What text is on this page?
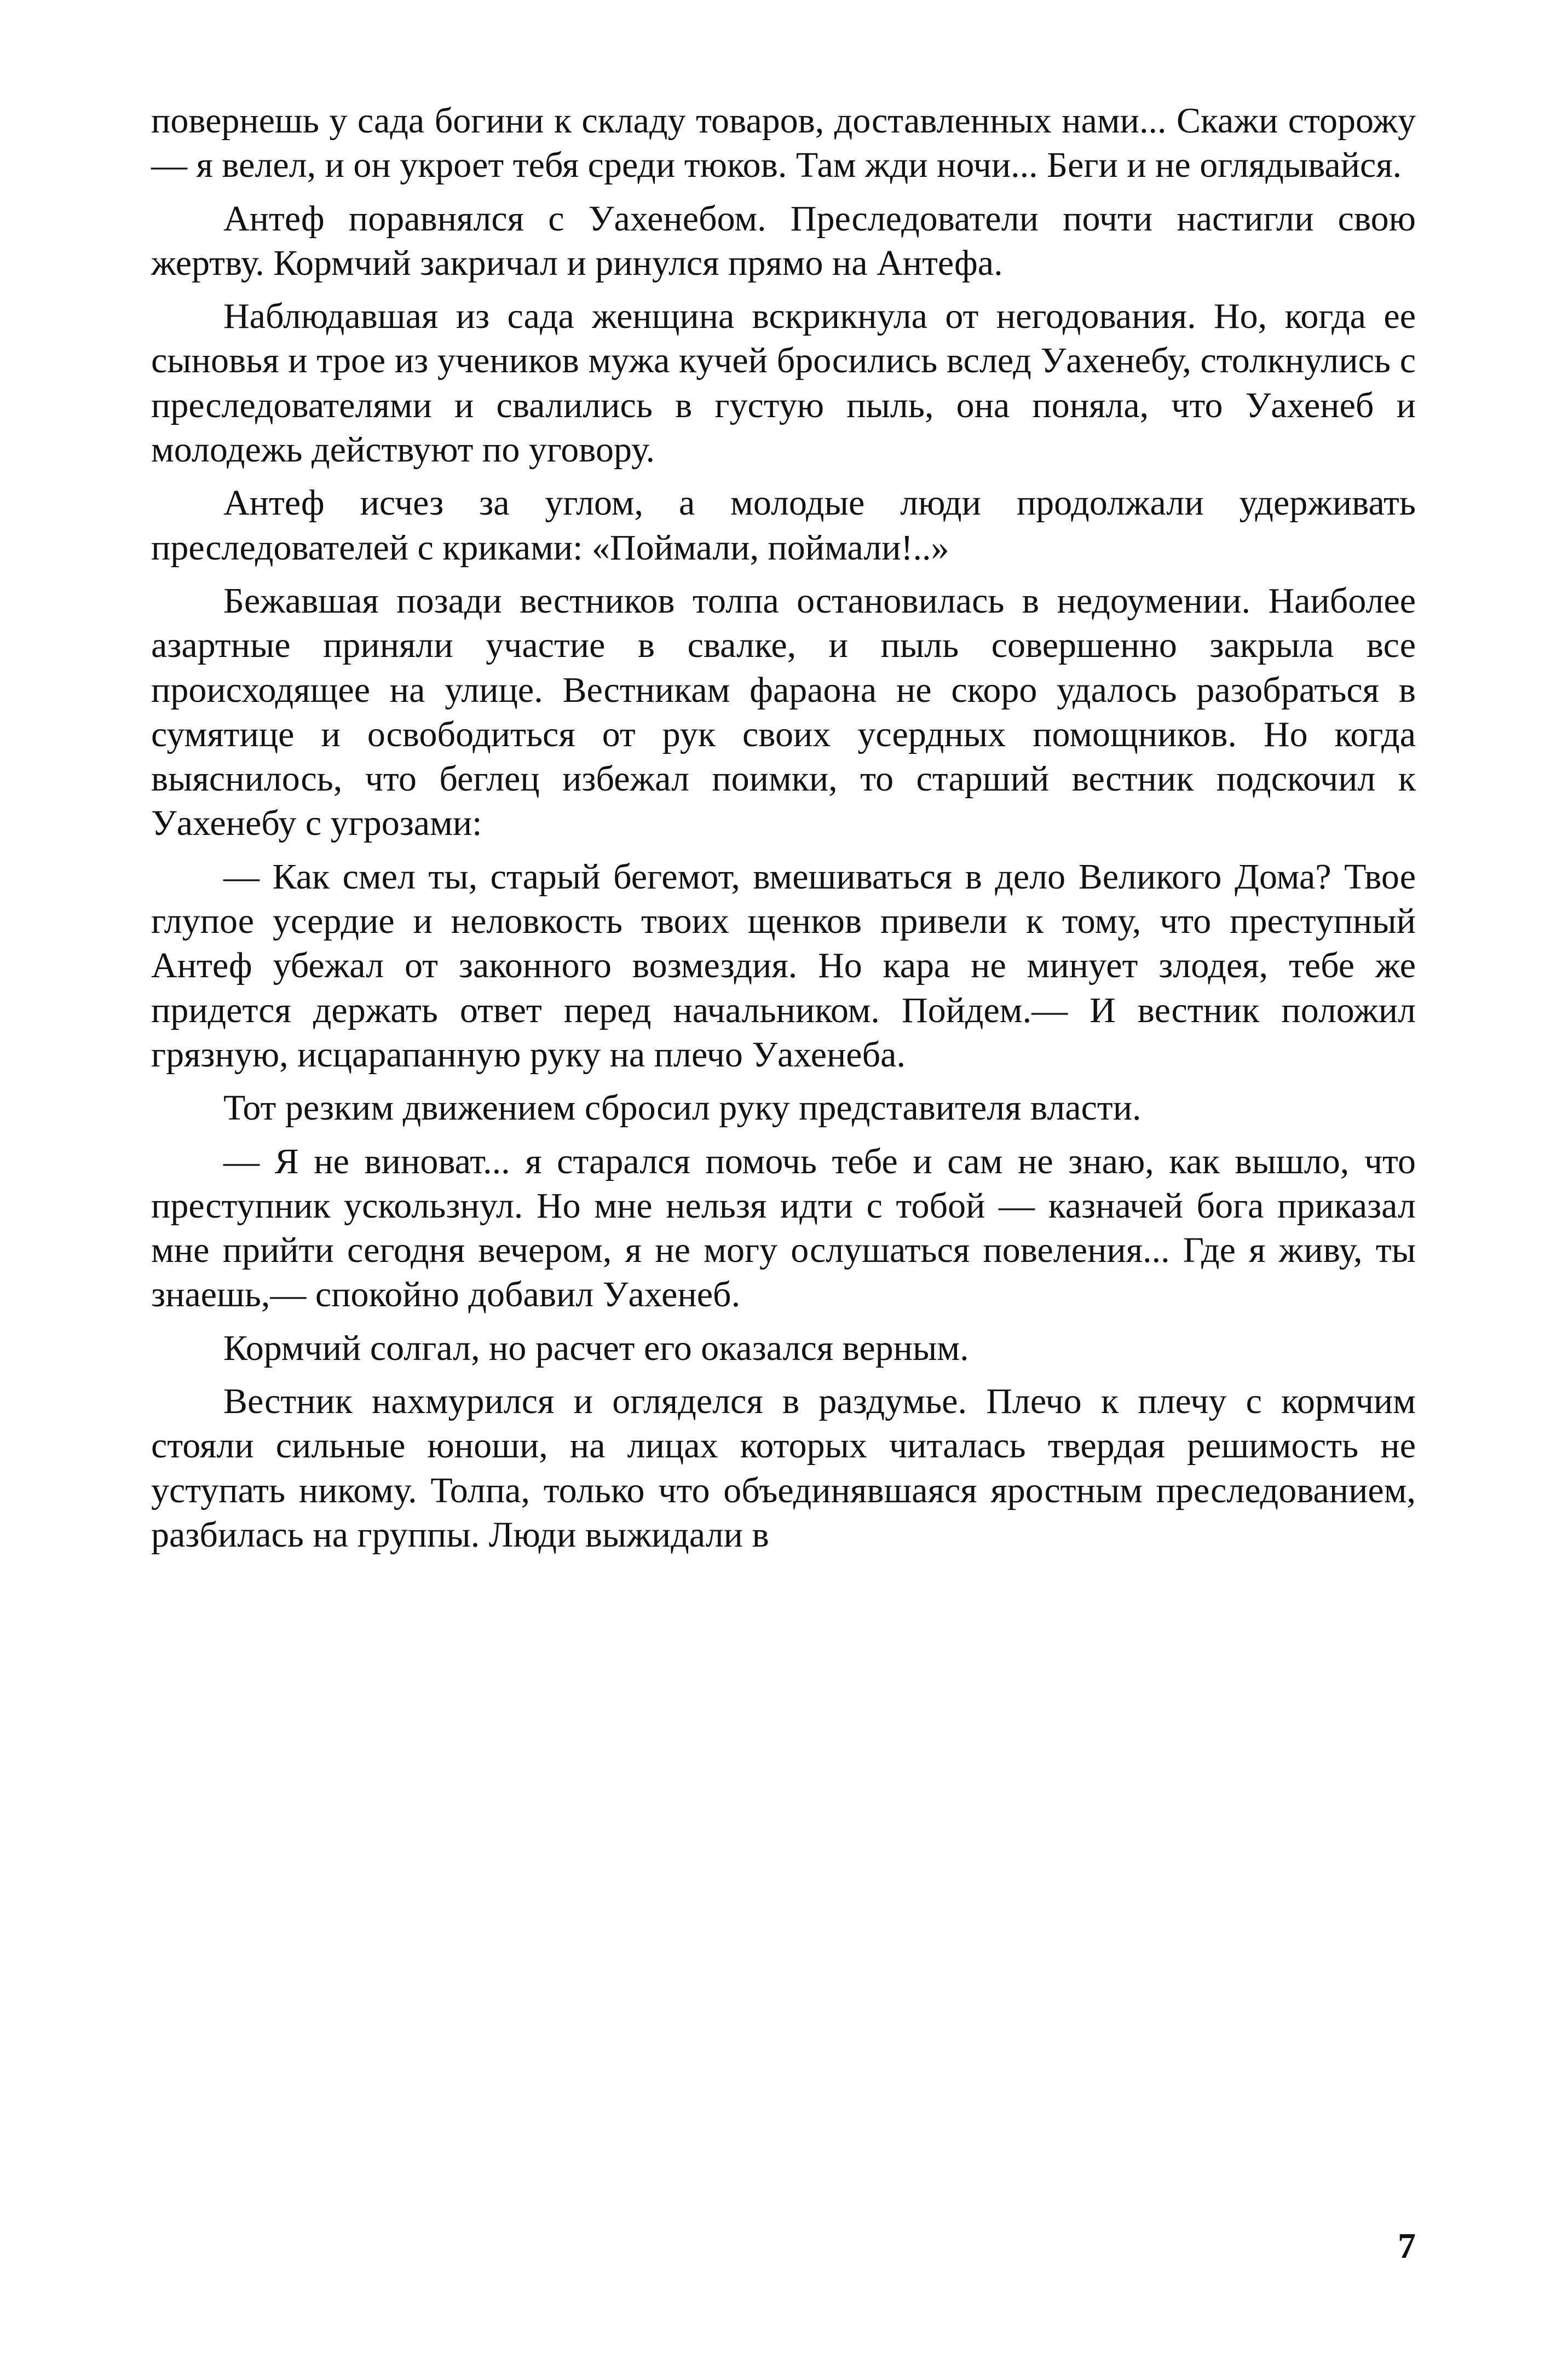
повернешь у сада богини к складу товаров, доставленных нами... Скажи сторожу — я велел, и он укроет тебя среди тюков. Там жди ночи... Беги и не оглядывайся.

Антеф поравнялся с Уахенебом. Преследователи почти настигли свою жертву. Кормчий закричал и ринулся прямо на Антефа.

Наблюдавшая из сада женщина вскрикнула от негодования. Но, когда ее сыновья и трое из учеников мужа кучей бросились вслед Уахенебу, столкнулись с преследователями и свалились в густую пыль, она поняла, что Уахенеб и молодежь действуют по уговору.

Антеф исчез за углом, а молодые люди продолжали удерживать преследователей с криками: «Поймали, поймали!..»

Бежавшая позади вестников толпа остановилась в недоумении. Наиболее азартные приняли участие в свалке, и пыль совершенно закрыла все происходящее на улице. Вестникам фараона не скоро удалось разобраться в сумятице и освободиться от рук своих усердных помощников. Но когда выяснилось, что беглец избежал поимки, то старший вестник подскочил к Уахенебу с угрозами:

— Как смел ты, старый бегемот, вмешиваться в дело Великого Дома? Твое глупое усердие и неловкость твоих щенков привели к тому, что преступный Антеф убежал от законного возмездия. Но кара не минует злодея, тебе же придется держать ответ перед начальником. Пойдем.— И вестник положил грязную, исцарапанную руку на плечо Уахенеба.

Тот резким движением сбросил руку представителя власти.

— Я не виноват... я старался помочь тебе и сам не знаю, как вышло, что преступник ускользнул. Но мне нельзя идти с тобой — казначей бога приказал мне прийти сегодня вечером, я не могу ослушаться повеления... Где я живу, ты знаешь,— спокойно добавил Уахенеб.

Кормчий солгал, но расчет его оказался верным.

Вестник нахмурился и огляделся в раздумье. Плечо к плечу с кормчим стояли сильные юноши, на лицах которых читалась твердая решимость не уступать никому. Толпа, только что объединявшаяся яростным преследованием, разбилась на группы. Люди выжидали в

7
